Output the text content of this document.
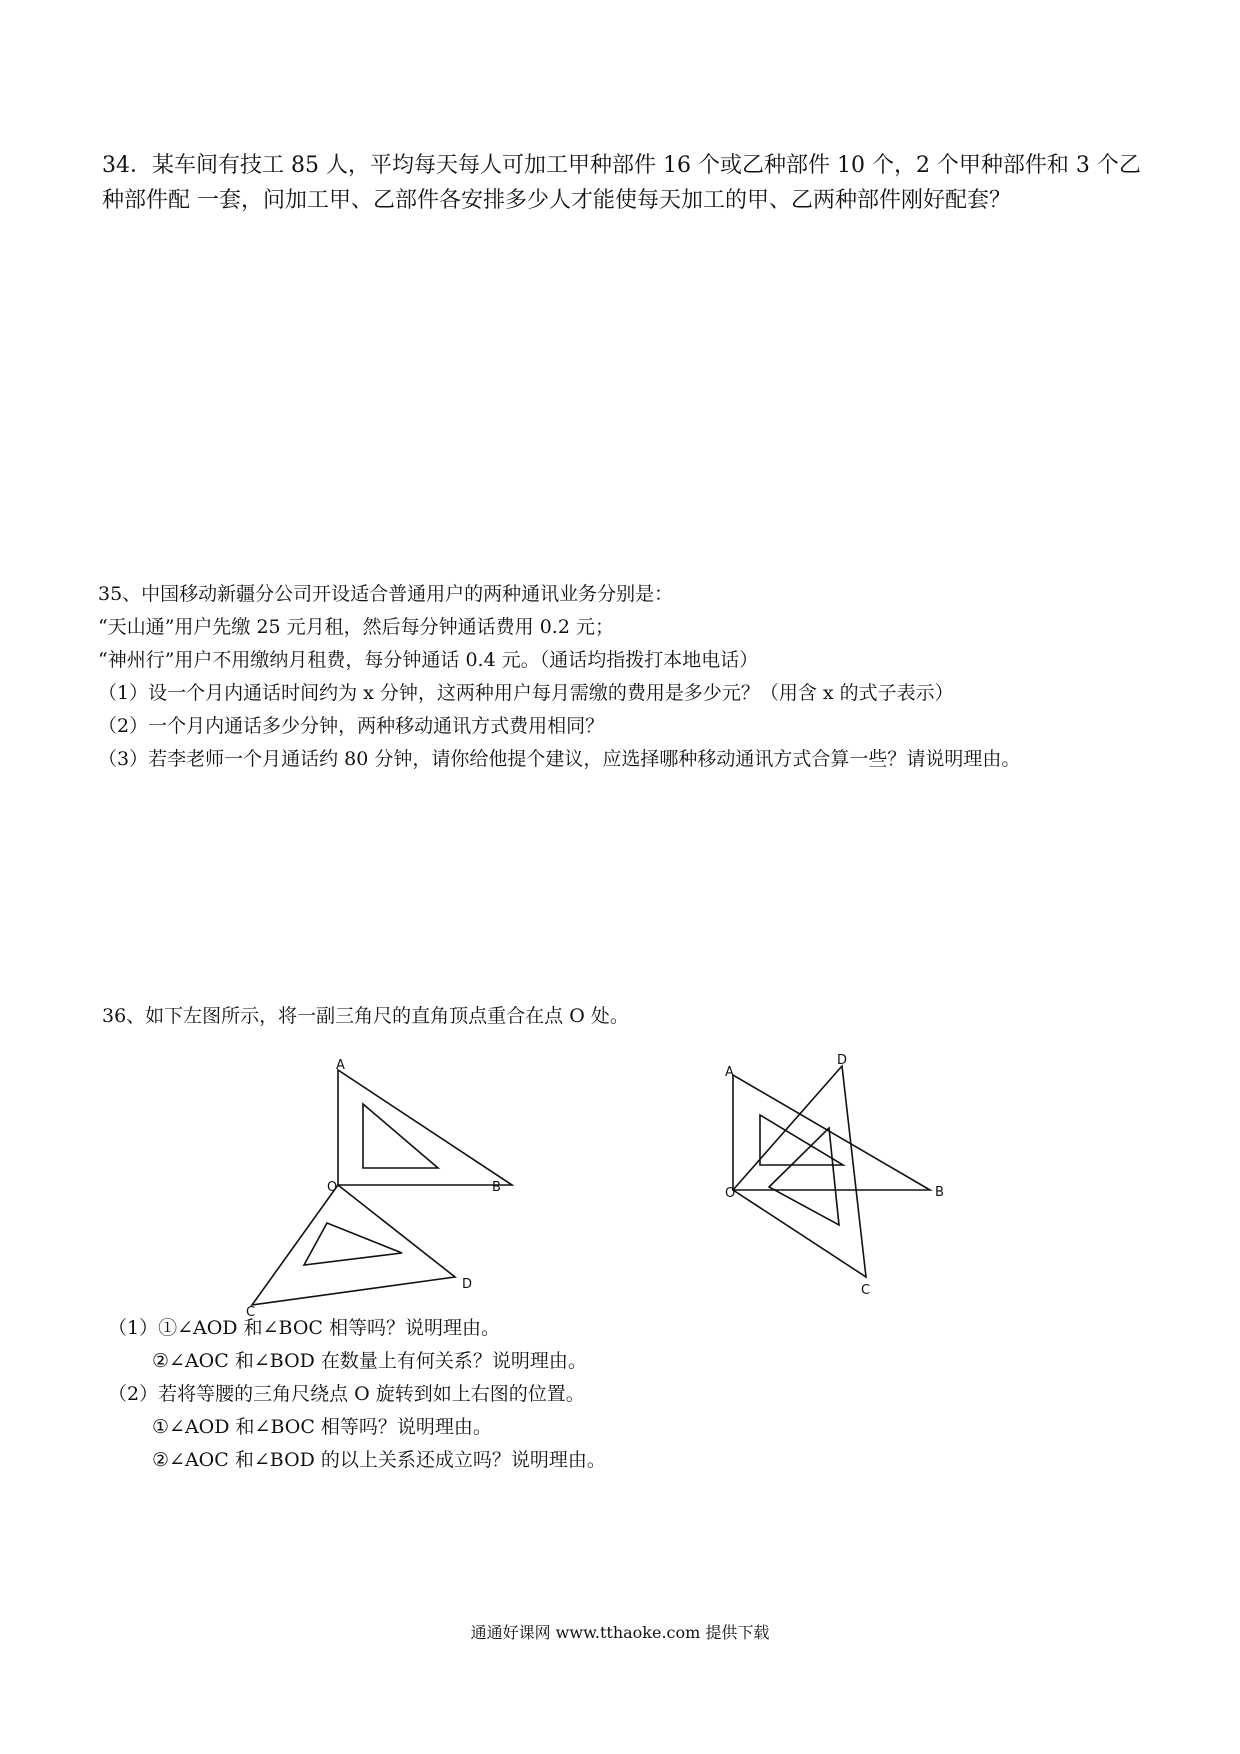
34．某车间有技工 85 人，平均每天每人可加工甲种部件 16 个或乙种部件 10 个，2 个甲种部件和 3 个乙种部件配 一套，问加工甲、乙部件各安排多少人才能使每天加工的甲、乙两种部件刚好配套？

35、中国移动新疆分公司开设适合普通用户的两种通讯业务分别是：
“天山通”用户先缴 25 元月租，然后每分钟通话费用 0.2 元；
“神州行”用户不用缴纳月租费，每分钟通话 0.4 元。（通话均指拨打本地电话）
（1）设一个月内通话时间约为 x 分钟，这两种用户每月需缴的费用是多少元？（用含 x 的式子表示）
（2）一个月内通话多少分钟，两种移动通讯方式费用相同？
（3）若李老师一个月通话约 80 分钟，请你给他提个建议，应选择哪种移动通讯方式合算一些？请说明理由。
36、如下左图所示，将一副三角尺的直角顶点重合在点 O 处。
A
O	B
C
D
A
D
O	B
C
（1）①∠AOD 和∠BOC 相等吗？说明理由。
②∠AOC 和∠BOD 在数量上有何关系？说明理由。
（2）若将等腰的三角尺绕点 O 旋转到如上右图的位置。
①∠AOD 和∠BOC 相等吗？说明理由。
②∠AOC 和∠BOD 的以上关系还成立吗？说明理由。
通通好课网 www.tthaoke.com 提供下载
